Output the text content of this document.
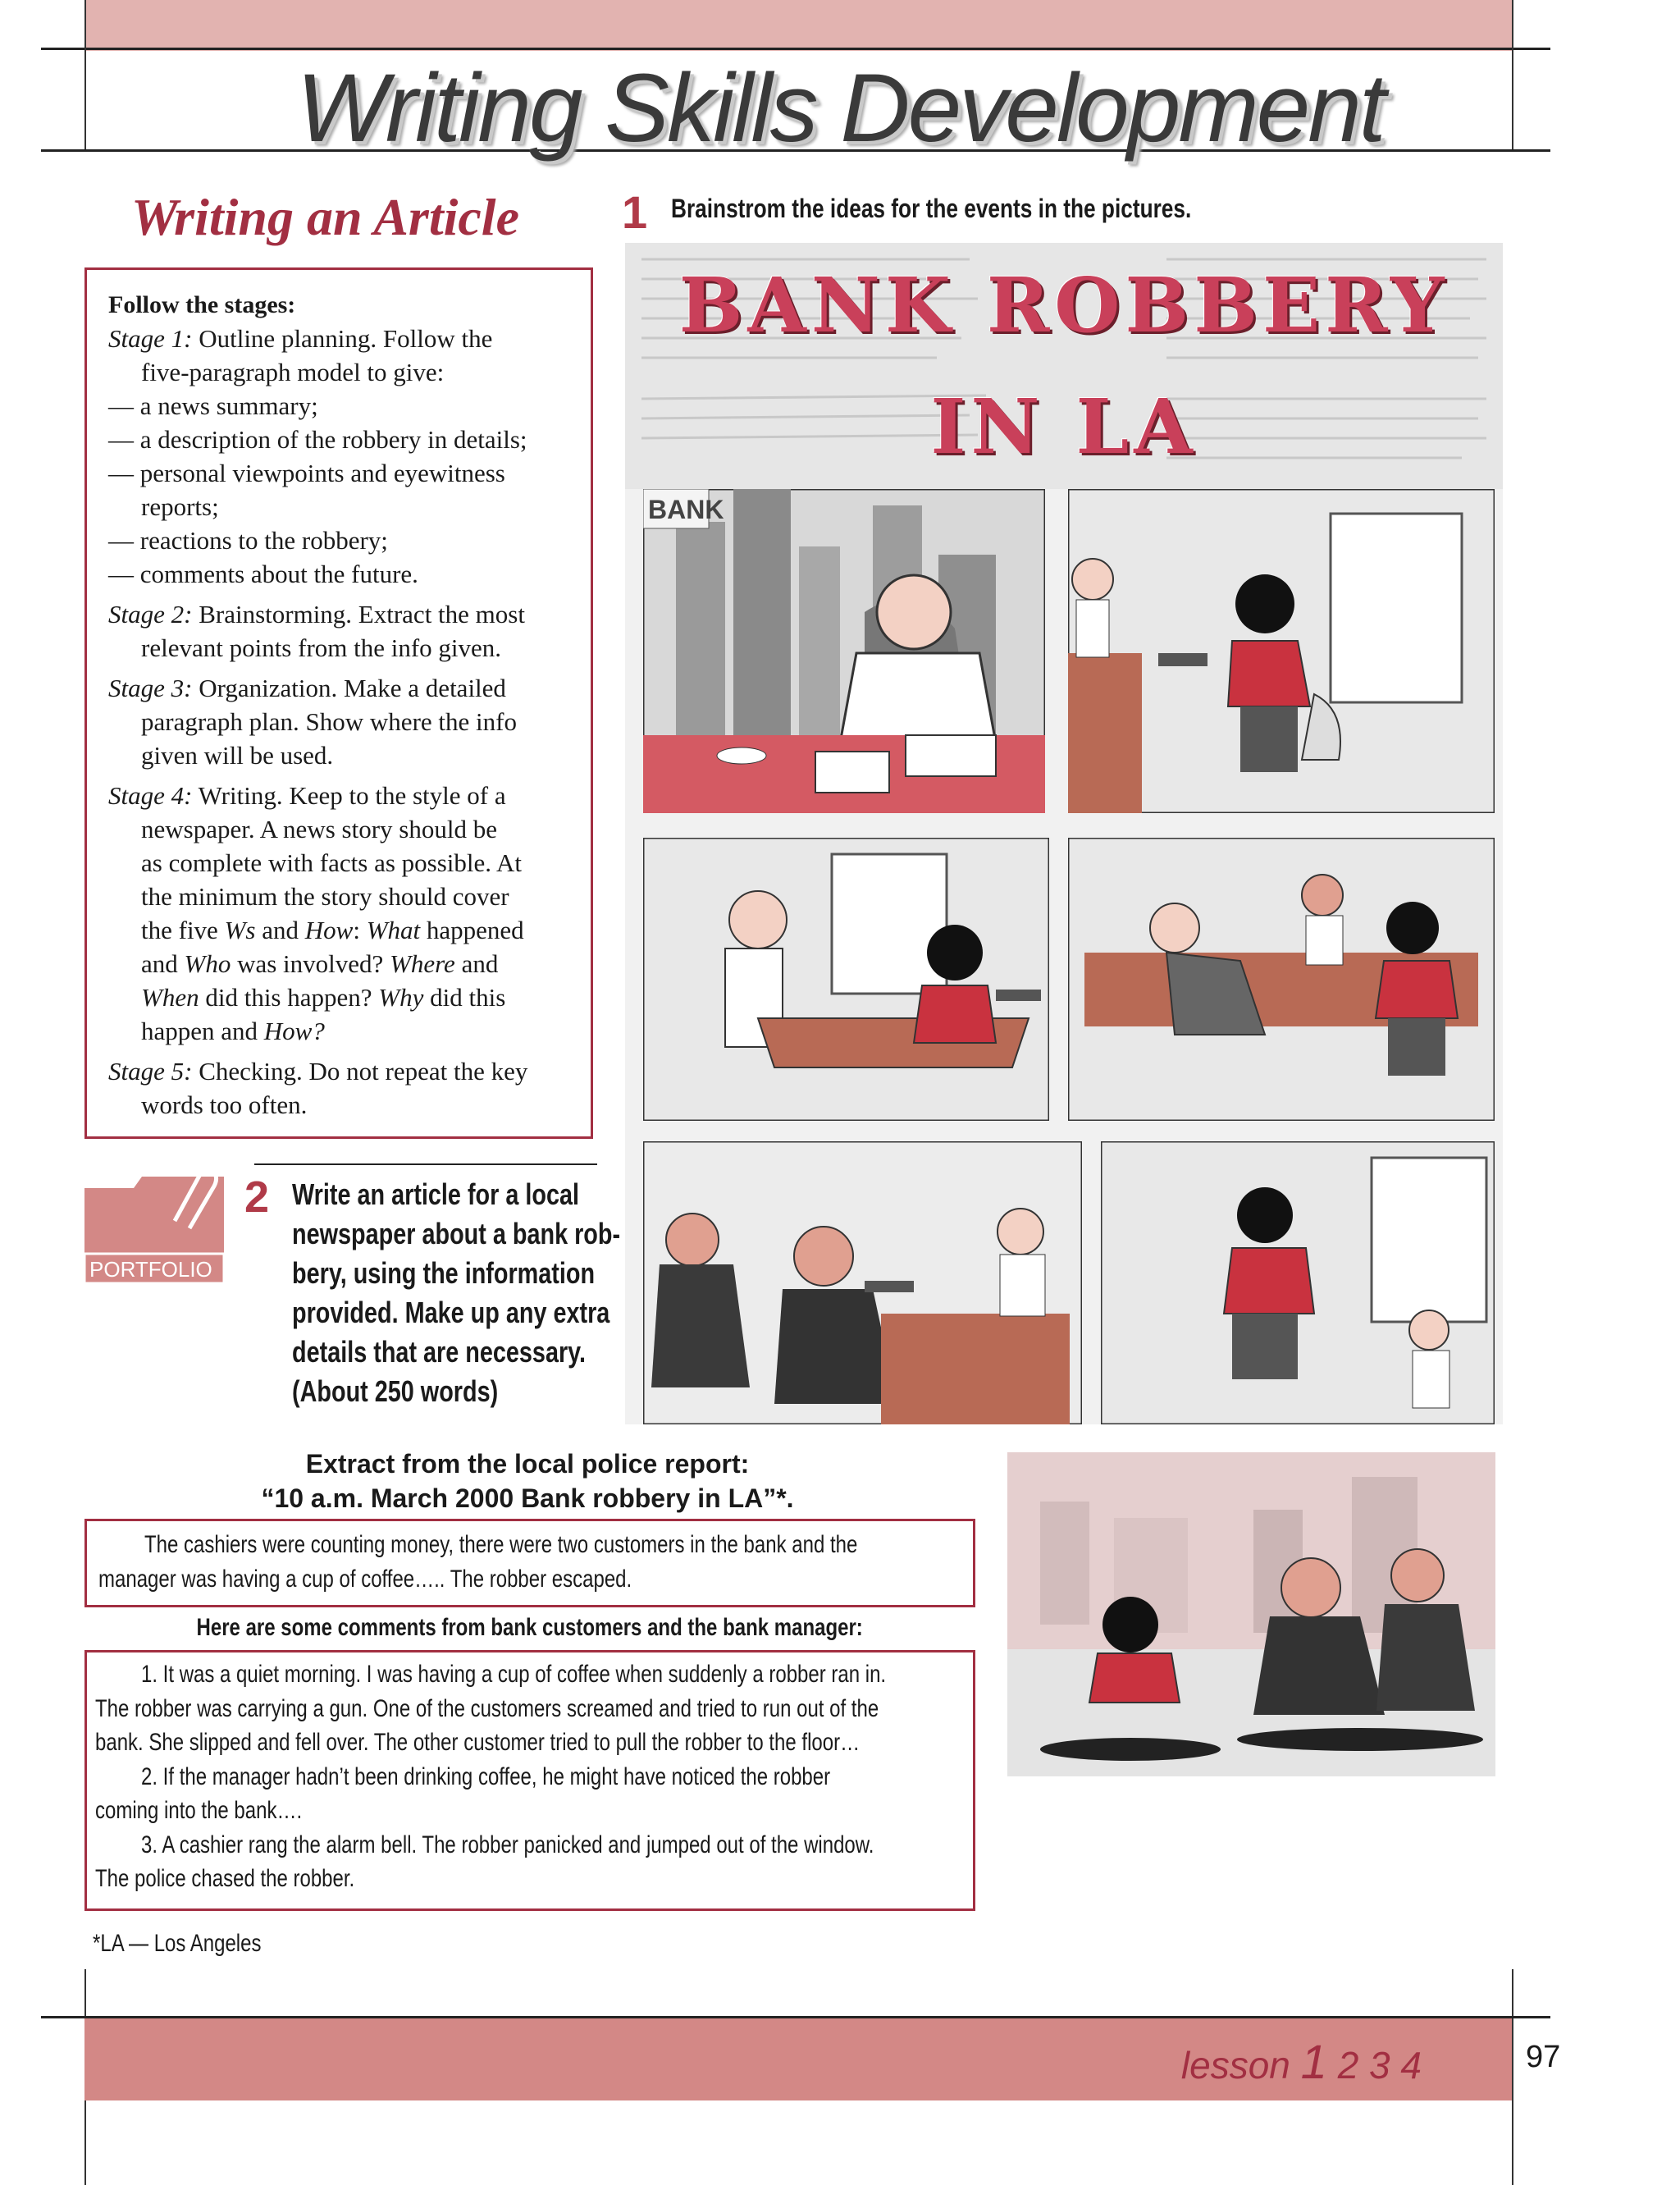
Writing Skills Development
Writing an Article

Follow the stages:

Stage 1: Outline planning. Follow the

five-paragraph model to give:

— a news summary;

— a description of the robbery in details;

— personal viewpoints and eyewitness

reports;

— reactions to the robbery;

— comments about the future.

Stage 2: Brainstorming. Extract the most

relevant points from the info given.

Stage 3: Organization. Make a detailed

paragraph plan. Show where the info

given will be used.

Stage 4: Writing. Keep to the style of a

newspaper. A news story should be

as complete with facts as possible. At

the minimum the story should cover

the five Ws and How: What happened

and Who was involved? Where and

When did this happen? Why did this

happen and How?

Stage 5: Checking. Do not repeat the key

words too often.

1 Brainstrom the ideas for the events in the pictures.
BANK ROBBERY
IN LA
BANK
PORTFOLIO
2 Write an article for a local
newspaper about a bank rob-
bery, using the information
provided. Make up any extra
details that are necessary.
(About 250 words)
Extract from the local police report:
“10 a.m. March 2000 Bank robbery in LA”*.
The cashiers were counting money, there were two customers in the bank and the
manager was having a cup of coffee….. The robber escaped.
Here are some comments from bank customers and the bank manager:

1. It was a quiet morning. I was having a cup of coffee when suddenly a robber ran in.

The robber was carrying a gun. One of the customers screamed and tried to run out of the

bank. She slipped and fell over. The other customer tried to pull the robber to the floor…

2. If the manager hadn’t been drinking coffee, he might have noticed the robber

coming into the bank….

3. A cashier rang the alarm bell. The robber panicked and jumped out of the window.

The police chased the robber.

*LA — Los Angeles
lesson 1 2 3 4	97
